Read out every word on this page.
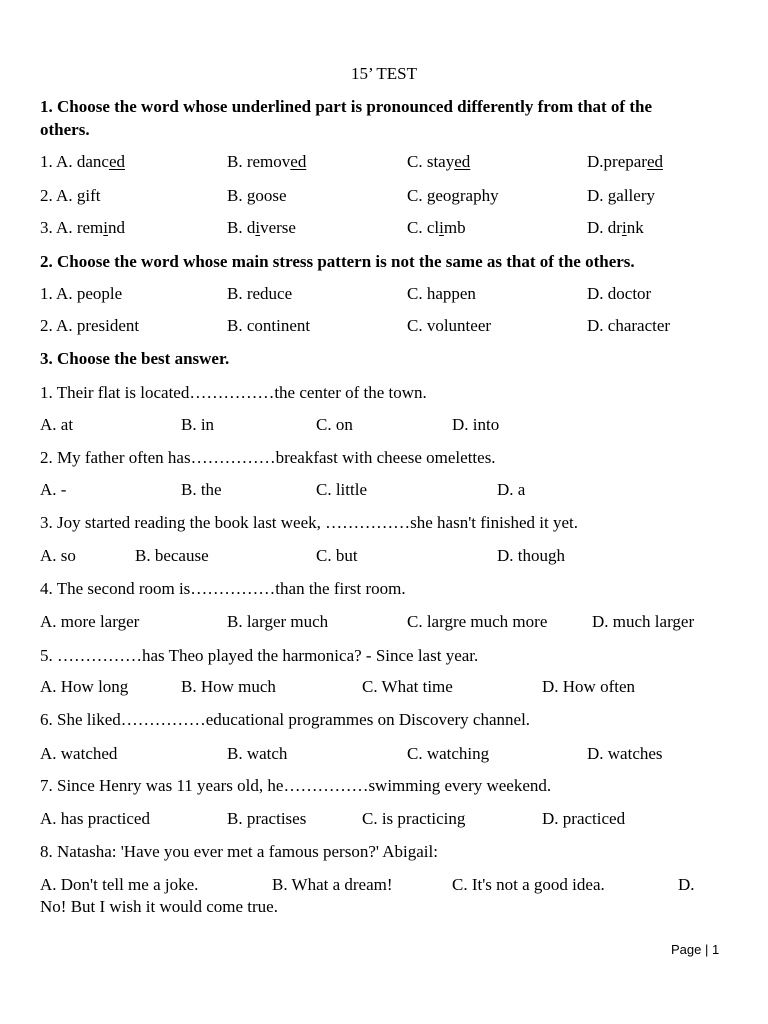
15’ TEST
1. Choose the word whose underlined part is pronounced differently from that of the
others.
1. A. danced	B. removed	C. stayed	D.prepared
2. A. gift	B. goose	C. geography	D. gallery
3. A. remind	B. diverse	C. climb	D. drink
2. Choose the word whose main stress pattern is not the same as that of the others.
1. A. people	B. reduce	C. happen	D. doctor
2. A. president	B. continent	C. volunteer	D. character
3. Choose the best answer.
1. Their flat is located……………the center of the town.
A. at	B. in	C. on	D. into
2. My father often has……………breakfast with cheese omelettes.
A. -	B. the	C. little	D. a
3. Joy started reading the book last week, ……………she hasn't finished it yet.
A. so	B. because	C. but	D. though
4. The second room is……………than the first room.
A. more larger	B. larger much	C. largre much more	D. much larger
5. ……………has Theo played the harmonica? - Since last year.
A. How long	B. How much	C. What time	D. How often
6. She liked……………educational programmes on Discovery channel.
A. watched	B. watch	C. watching	D. watches
7. Since Henry was 11 years old, he……………swimming every weekend.
A. has practiced	B. practises	C. is practicing	D. practiced
8. Natasha: 'Have you ever met a famous person?' Abigail:
A. Don't tell me a joke.	B. What a dream!	C. It's not a good idea.	D.
No! But I wish it would come true.
Page | 1
